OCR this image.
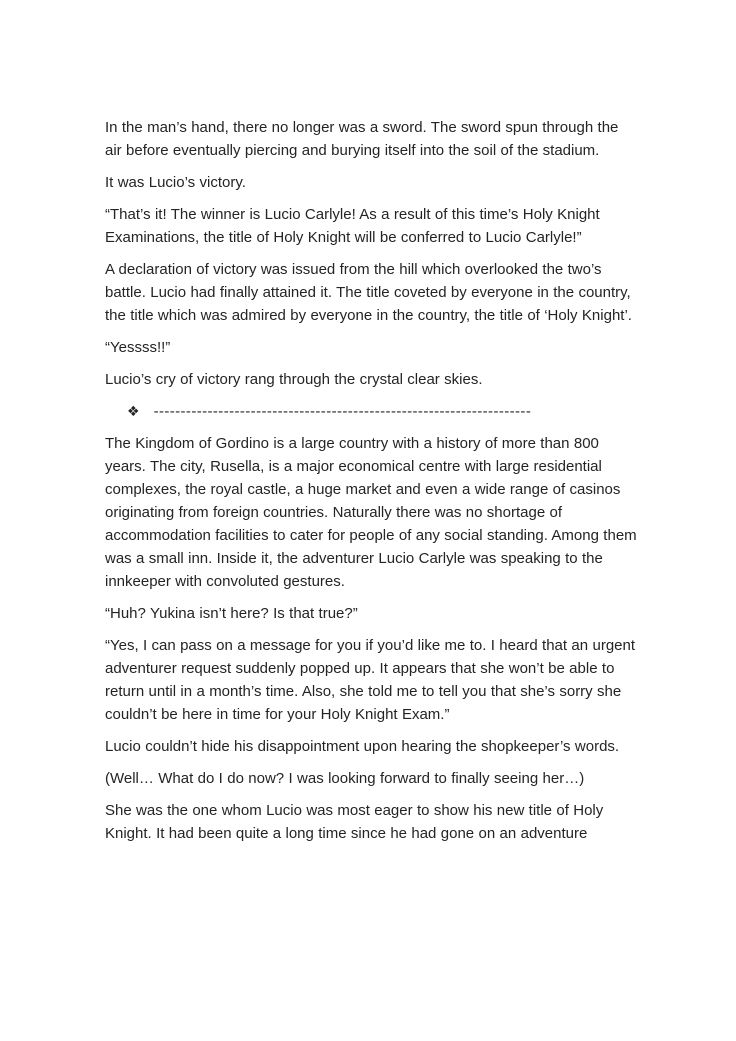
In the man’s hand, there no longer was a sword. The sword spun through the air before eventually piercing and burying itself into the soil of the stadium.

It was Lucio’s victory.

“That’s it! The winner is Lucio Carlyle! As a result of this time’s Holy Knight Examinations, the title of Holy Knight will be conferred to Lucio Carlyle!”

A declaration of victory was issued from the hill which overlooked the two’s battle. Lucio had finally attained it. The title coveted by everyone in the country, the title which was admired by everyone in the country, the title of ‘Holy Knight’.

“Yessss!!”

Lucio’s cry of victory rang through the crystal clear skies.

❖ ----------------------------------------------------------------------

The Kingdom of Gordino is a large country with a history of more than 800 years. The city, Rusella, is a major economical centre with large residential complexes, the royal castle, a huge market and even a wide range of casinos originating from foreign countries. Naturally there was no shortage of accommodation facilities to cater for people of any social standing. Among them was a small inn. Inside it, the adventurer Lucio Carlyle was speaking to the innkeeper with convoluted gestures.

“Huh? Yukina isn’t here? Is that true?”

“Yes, I can pass on a message for you if you’d like me to. I heard that an urgent adventurer request suddenly popped up. It appears that she won’t be able to return until in a month’s time. Also, she told me to tell you that she’s sorry she couldn’t be here in time for your Holy Knight Exam.”

Lucio couldn’t hide his disappointment upon hearing the shopkeeper’s words.

(Well… What do I do now? I was looking forward to finally seeing her…)

She was the one whom Lucio was most eager to show his new title of Holy Knight. It had been quite a long time since he had gone on an adventure
